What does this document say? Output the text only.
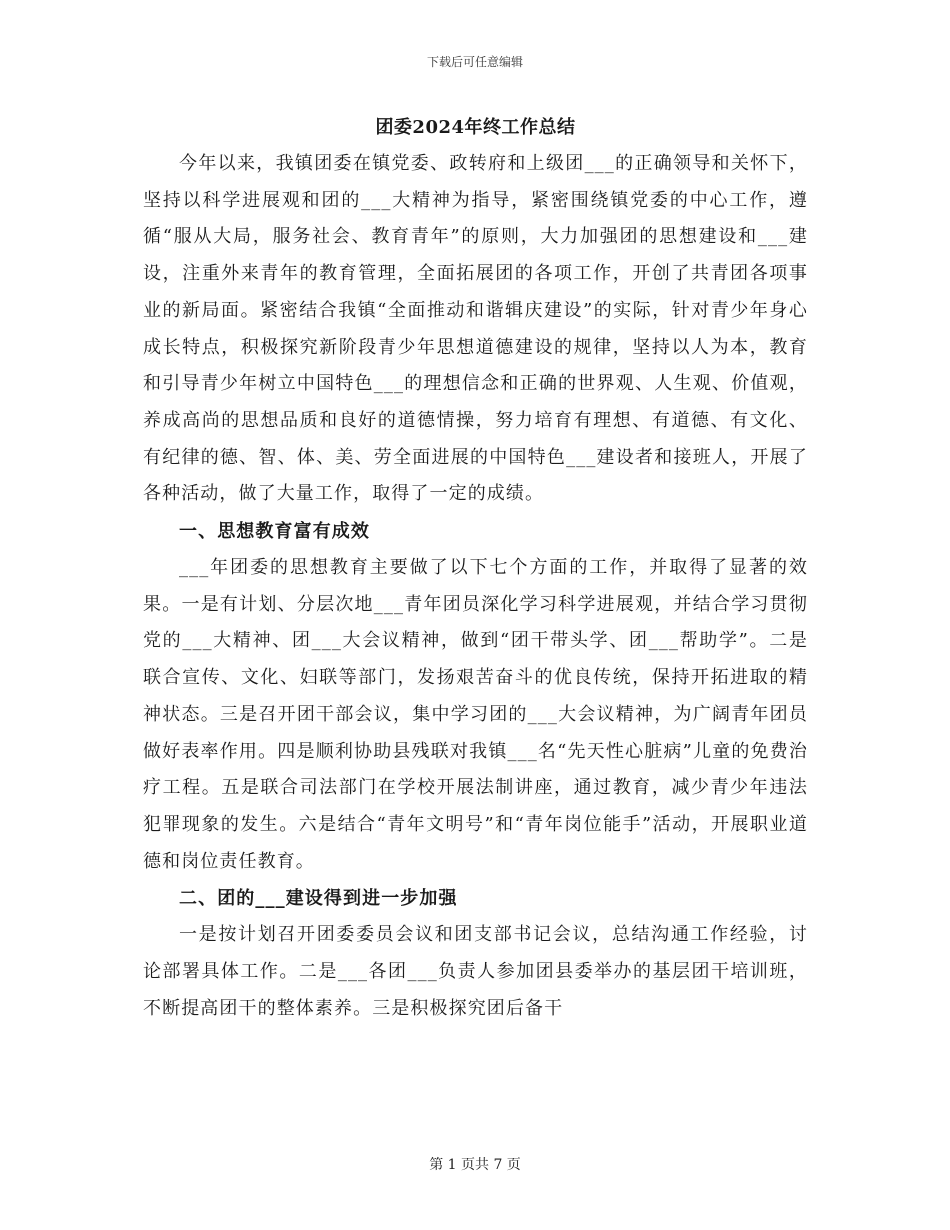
下载后可任意编辑
团委2024年终工作总结

今年以来，我镇团委在镇党委、政转府和上级团___的正确领导和关怀下，坚持以科学进展观和团的___大精神为指导，紧密围绕镇党委的中心工作，遵循“服从大局，服务社会、教育青年”的原则，大力加强团的思想建设和___建设，注重外来青年的教育管理，全面拓展团的各项工作，开创了共青团各项事业的新局面。紧密结合我镇“全面推动和谐辑庆建设”的实际，针对青少年身心成长特点，积极探究新阶段青少年思想道德建设的规律，坚持以人为本，教育和引导青少年树立中国特色___的理想信念和正确的世界观、人生观、价值观，养成高尚的思想品质和良好的道德情操，努力培育有理想、有道德、有文化、有纪律的德、智、体、美、劳全面进展的中国特色___建设者和接班人，开展了各种活动，做了大量工作，取得了一定的成绩。

一、思想教育富有成效

___年团委的思想教育主要做了以下七个方面的工作，并取得了显著的效果。一是有计划、分层次地___青年团员深化学习科学进展观，并结合学习贯彻党的___大精神、团___大会议精神，做到“团干带头学、团___帮助学”。二是联合宣传、文化、妇联等部门，发扬艰苦奋斗的优良传统，保持开拓进取的精神状态。三是召开团干部会议，集中学习团的___大会议精神，为广阔青年团员做好表率作用。四是顺利协助县残联对我镇___名“先天性心脏病”儿童的免费治疗工程。五是联合司法部门在学校开展法制讲座，通过教育，减少青少年违法犯罪现象的发生。六是结合“青年文明号”和“青年岗位能手”活动，开展职业道德和岗位责任教育。

二、团的___建设得到进一步加强

一是按计划召开团委委员会议和团支部书记会议，总结沟通工作经验，讨论部署具体工作。二是___各团___负责人参加团县委举办的基层团干培训班，不断提高团干的整体素养。三是积极探究团后备干

第 1 页共 7 页
